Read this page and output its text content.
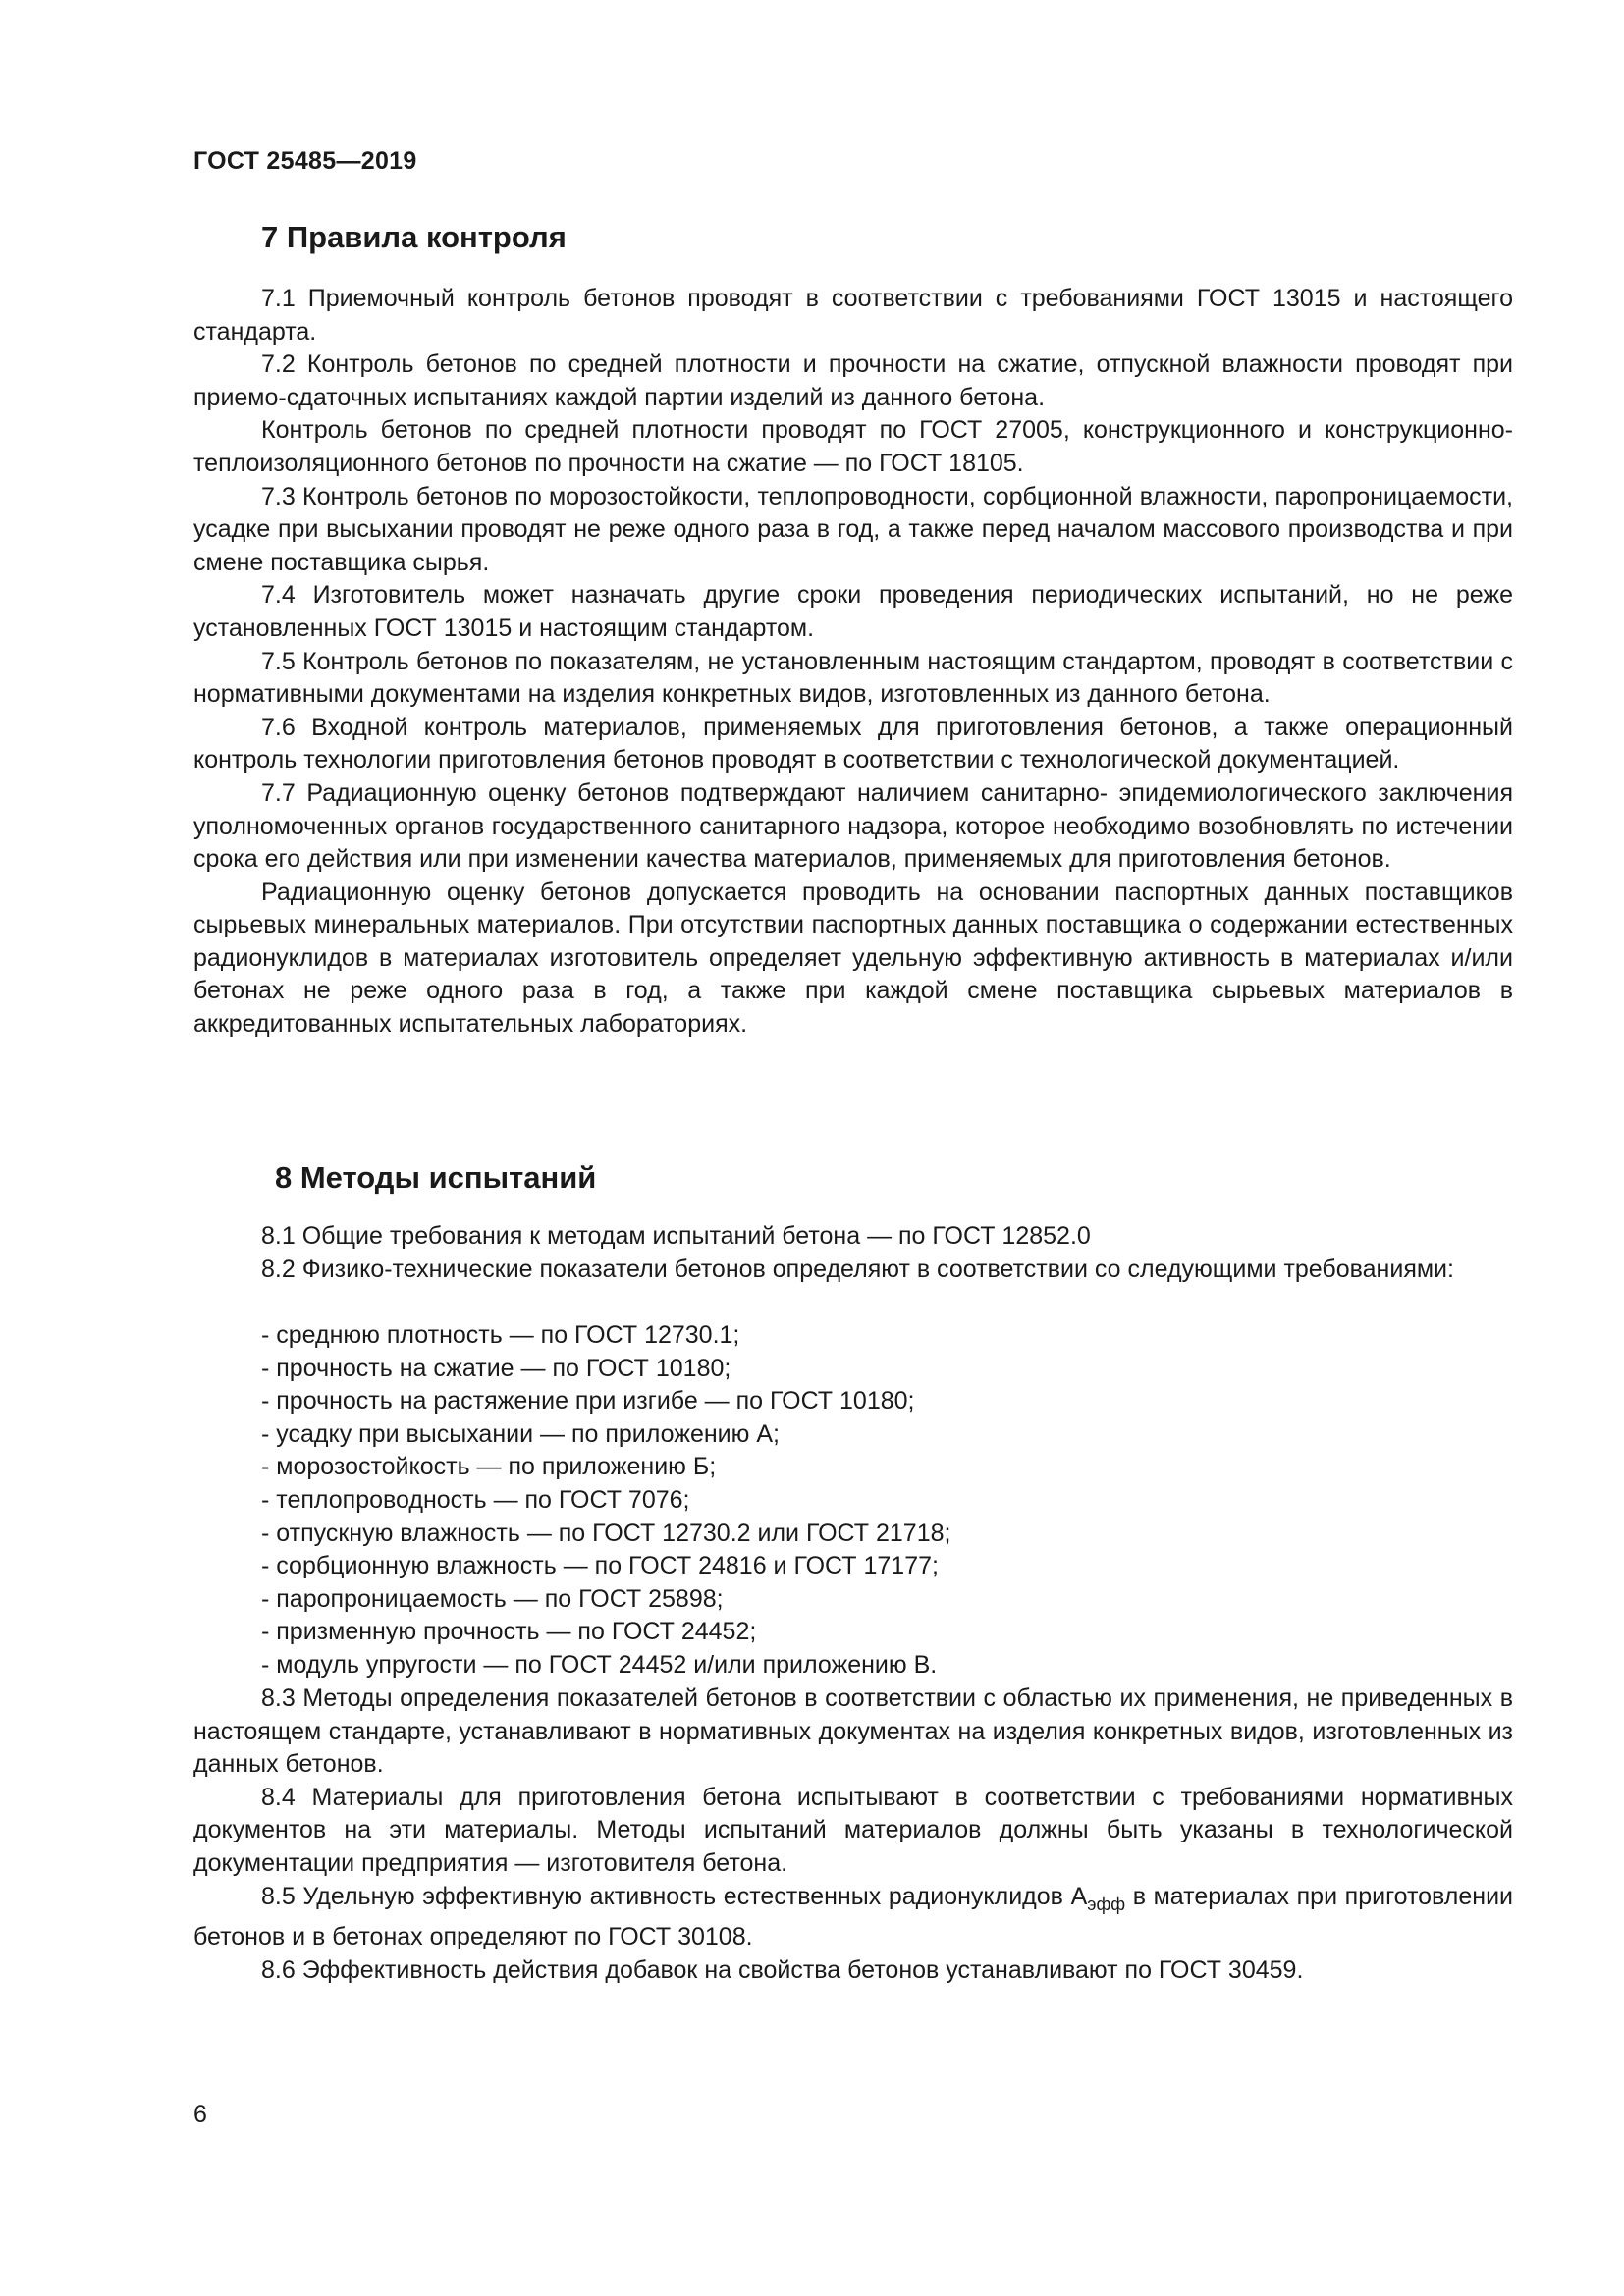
ГОСТ 25485—2019
7 Правила контроля

7.1 Приемочный контроль бетонов проводят в соответствии с требованиями ГОСТ 13015 и настоящего стандарта.

7.2 Контроль бетонов по средней плотности и прочности на сжатие, отпускной влажности проводят при приемо-сдаточных испытаниях каждой партии изделий из данного бетона.

Контроль бетонов по средней плотности проводят по ГОСТ 27005, конструкционного и конструкционно-теплоизоляционного бетонов по прочности на сжатие — по ГОСТ 18105.

7.3 Контроль бетонов по морозостойкости, теплопроводности, сорбционной влажности, паропроницаемости, усадке при высыхании проводят не реже одного раза в год, а также перед началом массового производства и при смене поставщика сырья.

7.4 Изготовитель может назначать другие сроки проведения периодических испытаний, но не реже установленных ГОСТ 13015 и настоящим стандартом.

7.5 Контроль бетонов по показателям, не установленным настоящим стандартом, проводят в соответствии с нормативными документами на изделия конкретных видов, изготовленных из данного бетона.

7.6 Входной контроль материалов, применяемых для приготовления бетонов, а также операционный контроль технологии приготовления бетонов проводят в соответствии с технологической документацией.

7.7 Радиационную оценку бетонов подтверждают наличием санитарно- эпидемиологического заключения уполномоченных органов государственного санитарного надзора, которое необходимо возобновлять по истечении срока его действия или при изменении качества материалов, применяемых для приготовления бетонов.

Радиационную оценку бетонов допускается проводить на основании паспортных данных поставщиков сырьевых минеральных материалов. При отсутствии паспортных данных поставщика о содержании естественных радионуклидов в материалах изготовитель определяет удельную эффективную активность в материалах и/или бетонах не реже одного раза в год, а также при каждой смене поставщика сырьевых материалов в аккредитованных испытательных лабораториях.

8 Методы испытаний

8.1 Общие требования к методам испытаний бетона — по ГОСТ 12852.0

8.2 Физико-технические показатели бетонов определяют в соответствии со следующими требованиями:

- среднюю плотность — по ГОСТ 12730.1;
- прочность на сжатие — по ГОСТ 10180;
- прочность на растяжение при изгибе — по ГОСТ 10180;
- усадку при высыхании — по приложению А;
- морозостойкость — по приложению Б;
- теплопроводность — по ГОСТ 7076;
- отпускную влажность — по ГОСТ 12730.2 или ГОСТ 21718;
- сорбционную влажность — по ГОСТ 24816 и ГОСТ 17177;
- паропроницаемость — по ГОСТ 25898;
- призменную прочность — по ГОСТ 24452;
- модуль упругости — по ГОСТ 24452 и/или приложению В.

8.3 Методы определения показателей бетонов в соответствии с областью их применения, не приведенных в настоящем стандарте, устанавливают в нормативных документах на изделия конкретных видов, изготовленных из данных бетонов.

8.4 Материалы для приготовления бетона испытывают в соответствии с требованиями нормативных документов на эти материалы. Методы испытаний материалов должны быть указаны в технологической документации предприятия — изготовителя бетона.

8.5 Удельную эффективную активность естественных радионуклидов $А_{эфф}$ в материалах при приготовлении бетонов и в бетонах определяют по ГОСТ 30108.

8.6 Эффективность действия добавок на свойства бетонов устанавливают по ГОСТ 30459.

6
